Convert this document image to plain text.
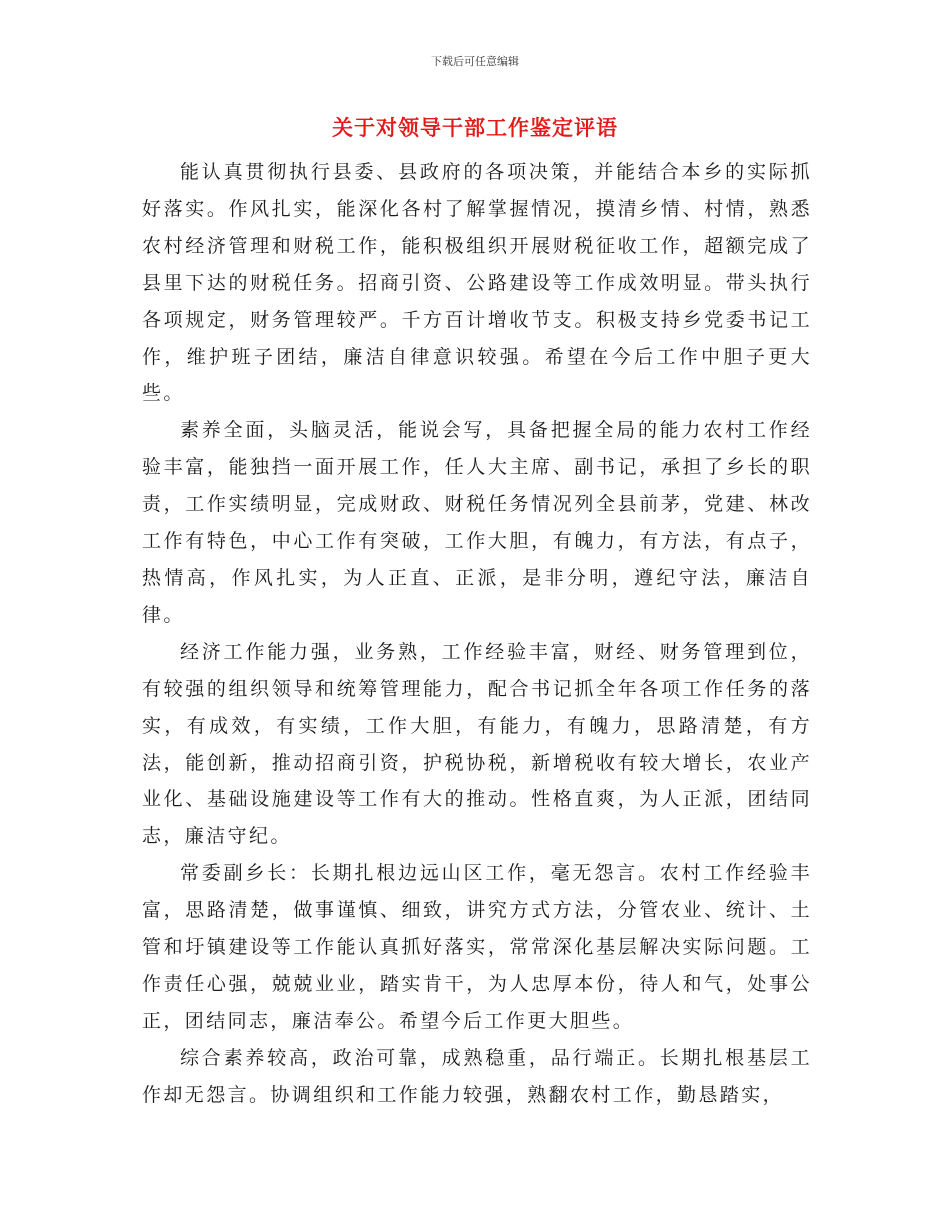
下载后可任意编辑
关于对领导干部工作鉴定评语

能认真贯彻执行县委、县政府的各项决策，并能结合本乡的实际抓好落实。作风扎实，能深化各村了解掌握情况，摸清乡情、村情，熟悉农村经济管理和财税工作，能积极组织开展财税征收工作，超额完成了县里下达的财税任务。招商引资、公路建设等工作成效明显。带头执行各项规定，财务管理较严。千方百计增收节支。积极支持乡党委书记工作，维护班子团结，廉洁自律意识较强。希望在今后工作中胆子更大些。

素养全面，头脑灵活，能说会写，具备把握全局的能力农村工作经验丰富，能独挡一面开展工作，任人大主席、副书记，承担了乡长的职责，工作实绩明显，完成财政、财税任务情况列全县前茅，党建、林改工作有特色，中心工作有突破，工作大胆，有魄力，有方法，有点子，热情高，作风扎实，为人正直、正派，是非分明，遵纪守法，廉洁自律。

经济工作能力强，业务熟，工作经验丰富，财经、财务管理到位，有较强的组织领导和统筹管理能力，配合书记抓全年各项工作任务的落实，有成效，有实绩，工作大胆，有能力，有魄力，思路清楚，有方法，能创新，推动招商引资，护税协税，新增税收有较大增长，农业产业化、基础设施建设等工作有大的推动。性格直爽，为人正派，团结同志，廉洁守纪。

常委副乡长：长期扎根边远山区工作，毫无怨言。农村工作经验丰富，思路清楚，做事谨慎、细致，讲究方式方法，分管农业、统计、土管和圩镇建设等工作能认真抓好落实，常常深化基层解决实际问题。工作责任心强，兢兢业业，踏实肯干，为人忠厚本份，待人和气，处事公正，团结同志，廉洁奉公。希望今后工作更大胆些。

综合素养较高，政治可靠，成熟稳重，品行端正。长期扎根基层工作却无怨言。协调组织和工作能力较强，熟翻农村工作，勤恳踏实，
